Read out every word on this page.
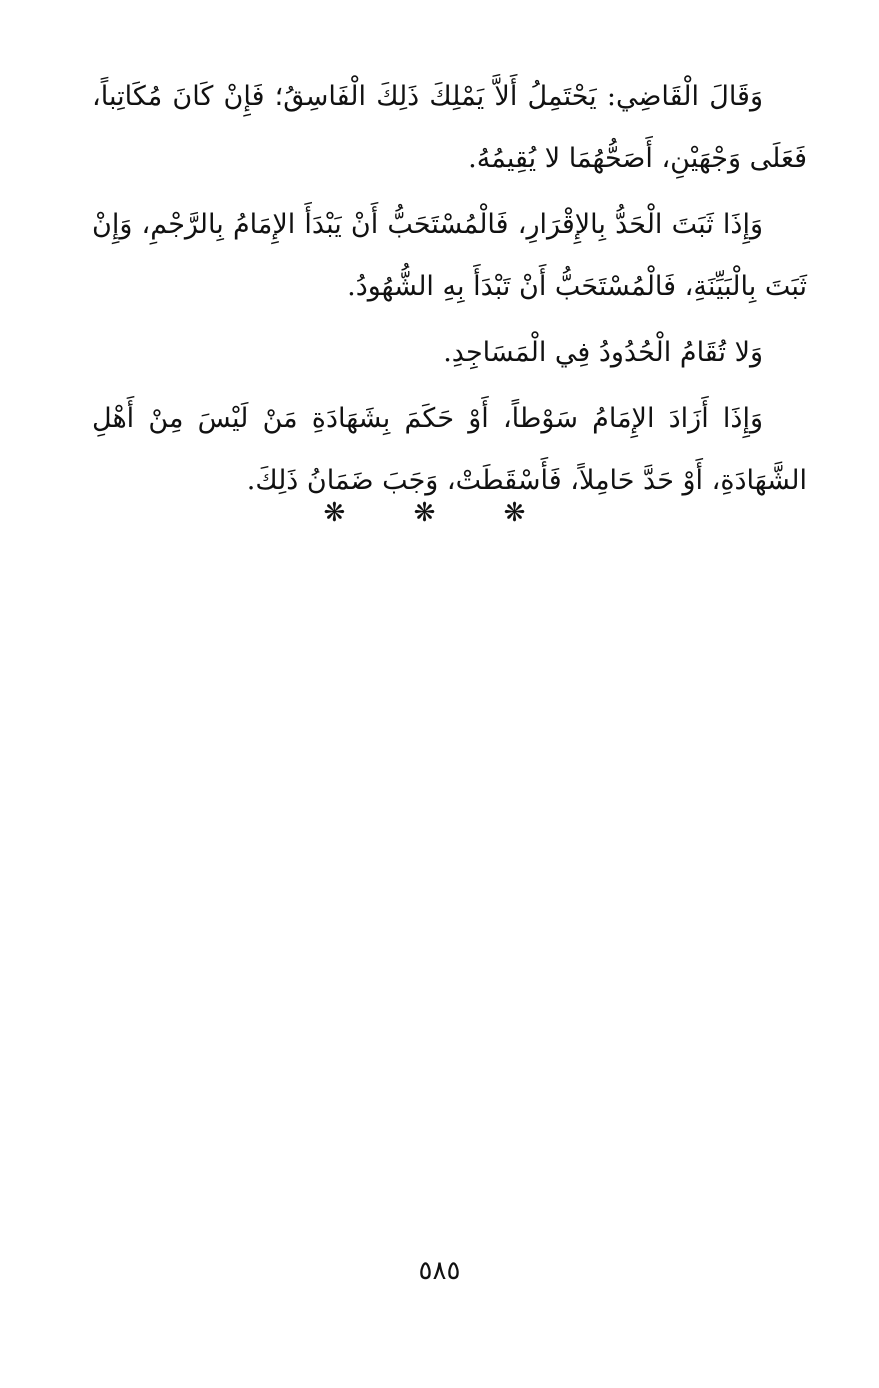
وَقَالَ الْقَاضِي: يَحْتَمِلُ أَلاَّ يَمْلِكَ ذَلِكَ الْفَاسِقُ؛ فَإِنْ كَانَ مُكَاتِباً، فَعَلَى وَجْهَيْنِ، أَصَحُّهُمَا لا يُقِيمُهُ.

وَإِذَا ثَبَتَ الْحَدُّ بِالإِقْرَارِ، فَالْمُسْتَحَبُّ أَنْ يَبْدَأَ الإِمَامُ بِالرَّجْمِ، وَإِنْ ثَبَتَ بِالْبَيِّنَةِ، فَالْمُسْتَحَبُّ أَنْ تَبْدَأَ بِهِ الشُّهُودُ.

وَلا تُقَامُ الْحُدُودُ فِي الْمَسَاجِدِ.

وَإِذَا أَزَادَ الإِمَامُ سَوْطاً، أَوْ حَكَمَ بِشَهَادَةِ مَنْ لَيْسَ مِنْ أَهْلِ الشَّهَادَةِ، أَوْ حَدَّ حَامِلاً، فَأَسْقَطَتْ، وَجَبَ ضَمَانُ ذَلِكَ.

❋ ❋ ❋
٥٨٥
